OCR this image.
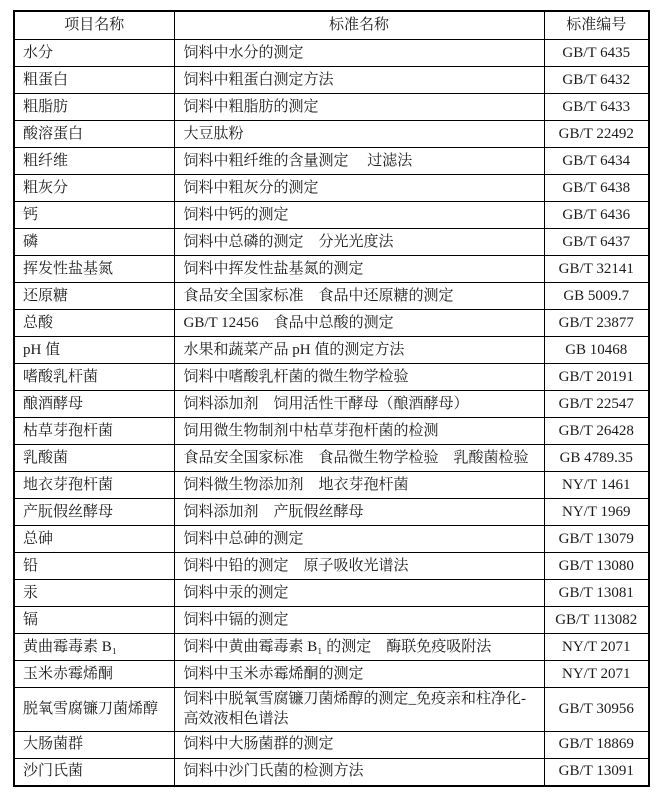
项目名称	标准名称	标准编号
水分	饲料中水分的测定	GB/T 6435
粗蛋白	饲料中粗蛋白测定方法	GB/T 6432
粗脂肪	饲料中粗脂肪的测定	GB/T 6433
酸溶蛋白	大豆肽粉	GB/T 22492
粗纤维	饲料中粗纤维的含量测定　 过滤法	GB/T 6434
粗灰分	饲料中粗灰分的测定	GB/T 6438
钙	饲料中钙的测定	GB/T 6436
磷	饲料中总磷的测定　分光光度法	GB/T 6437
挥发性盐基氮	饲料中挥发性盐基氮的测定	GB/T 32141
还原糖	食品安全国家标准　食品中还原糖的测定	GB 5009.7
总酸	GB/T 12456　食品中总酸的测定	GB/T 23877
pH 值	水果和蔬菜产品 pH 值的测定方法	GB 10468
嗜酸乳杆菌	饲料中嗜酸乳杆菌的微生物学检验	GB/T 20191
酿酒酵母	饲料添加剂　饲用活性干酵母（酿酒酵母）	GB/T 22547
枯草芽孢杆菌	饲用微生物制剂中枯草芽孢杆菌的检测	GB/T 26428
乳酸菌	食品安全国家标准　食品微生物学检验　乳酸菌检验	GB 4789.35
地衣芽孢杆菌	饲料微生物添加剂　地衣芽孢杆菌	NY/T 1461
产朊假丝酵母	饲料添加剂　产朊假丝酵母	NY/T 1969
总砷	饲料中总砷的测定	GB/T 13079
铅	饲料中铅的测定　原子吸收光谱法	GB/T 13080
汞	饲料中汞的测定	GB/T 13081
镉	饲料中镉的测定	GB/T 113082
黄曲霉毒素 B₁	饲料中黄曲霉毒素 B₁ 的测定　酶联免疫吸附法	NY/T 2071
玉米赤霉烯酮	饲料中玉米赤霉烯酮的测定	NY/T 2071
脱氧雪腐镰刀菌烯醇	饲料中脱氧雪腐镰刀菌烯醇的测定_免疫亲和柱净化-高效液相色谱法	GB/T 30956
大肠菌群	饲料中大肠菌群的测定	GB/T 18869
沙门氏菌	饲料中沙门氏菌的检测方法	GB/T 13091
